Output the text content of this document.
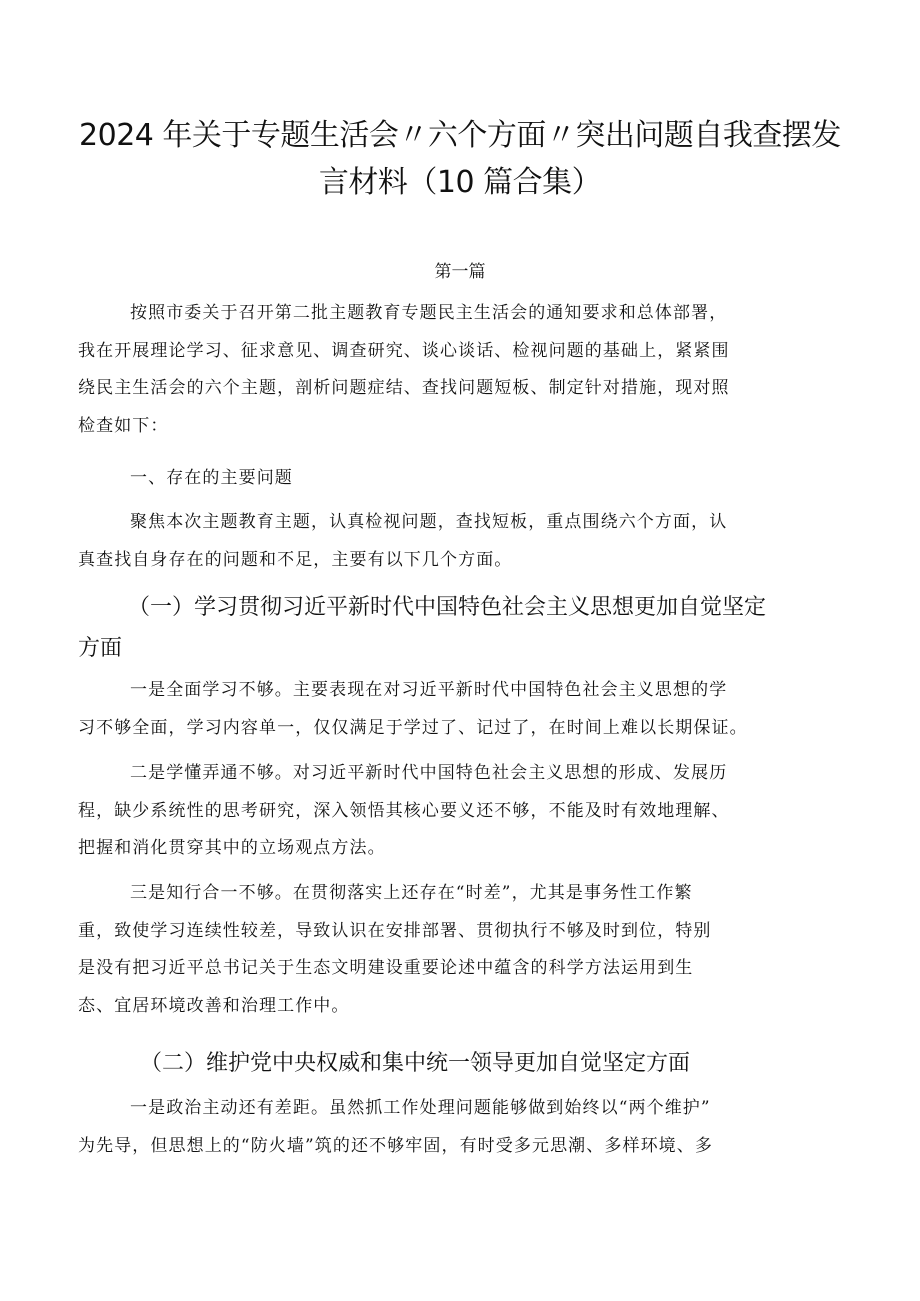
2024 年关于专题生活会〃六个方面〃突出问题自我查摆发
言材料（10 篇合集）
第一篇
按照市委关于召开第二批主题教育专题民主生活会的通知要求和总体部署，
我在开展理论学习、征求意见、调查研究、谈心谈话、检视问题的基础上，紧紧围
绕民主生活会的六个主题，剖析问题症结、查找问题短板、制定针对措施，现对照
检查如下：
一、存在的主要问题
聚焦本次主题教育主题，认真检视问题，查找短板，重点围绕六个方面，认
真查找自身存在的问题和不足，主要有以下几个方面。
（一）学习贯彻习近平新时代中国特色社会主义思想更加自觉坚定
方面
一是全面学习不够。主要表现在对习近平新时代中国特色社会主义思想的学
习不够全面，学习内容单一，仅仅满足于学过了、记过了，在时间上难以长期保证。
二是学懂弄通不够。对习近平新时代中国特色社会主义思想的形成、发展历
程，缺少系统性的思考研究，深入领悟其核心要义还不够，不能及时有效地理解、
把握和消化贯穿其中的立场观点方法。
三是知行合一不够。在贯彻落实上还存在“时差”，尤其是事务性工作繁
重，致使学习连续性较差，导致认识在安排部署、贯彻执行不够及时到位，特别
是没有把习近平总书记关于生态文明建设重要论述中蕴含的科学方法运用到生
态、宜居环境改善和治理工作中。
（二）维护党中央权威和集中统一领导更加自觉坚定方面
一是政治主动还有差距。虽然抓工作处理问题能够做到始终以“两个维护”
为先导，但思想上的“防火墙”筑的还不够牢固，有时受多元思潮、多样环境、多
